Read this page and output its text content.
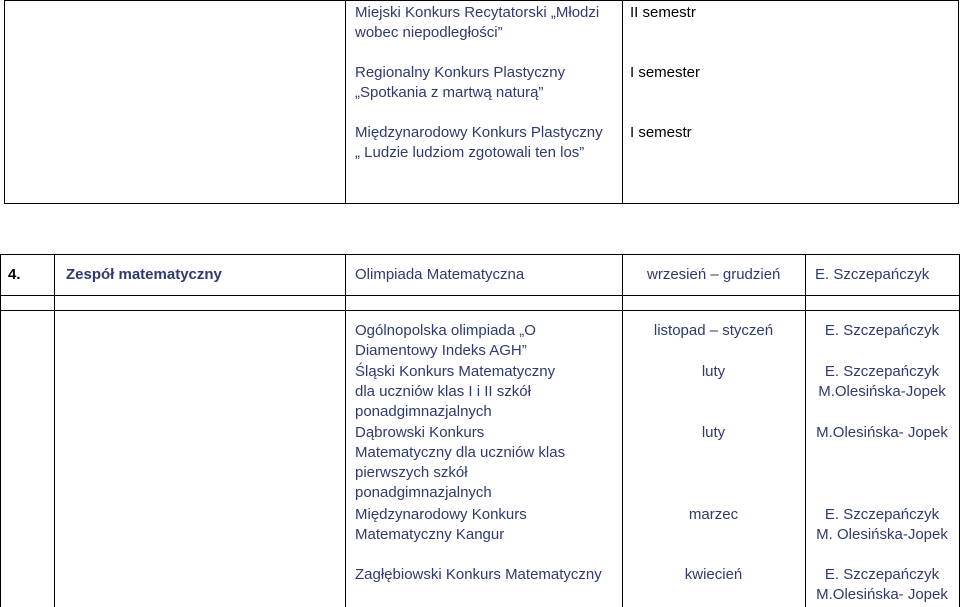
Miejski Konkurs Recytatorski „Młodzi
wobec niepodległości”
II semestr
Regionalny Konkurs Plastyczny
„Spotkania z martwą naturą”
I semester
Międzynarodowy Konkurs Plastyczny
„ Ludzie ludziom zgotowali ten los”
I semestr
4.	Zespół matematyczny	Olimpiada Matematyczna	wrzesień – grudzień E. Szczepańczyk
Ogólnopolska olimpiada „O
Diamentowy Indeks AGH”
listopad – styczeń	E. Szczepańczyk
Śląski Konkurs Matematyczny
dla uczniów klas I i II szkół
ponadgimnazjalnych
luty	E. Szczepańczyk
M.Olesińska-Jopek
Dąbrowski Konkurs
Matematyczny dla uczniów klas
pierwszych szkół
ponadgimnazjalnych
luty	M.Olesińska- Jopek
Międzynarodowy Konkurs
Matematyczny Kangur
marzec	E. Szczepańczyk
M. Olesińska-Jopek
Zagłębiowski Konkurs Matematyczny	kwiecień	E. Szczepańczyk
M.Olesińska- Jopek
